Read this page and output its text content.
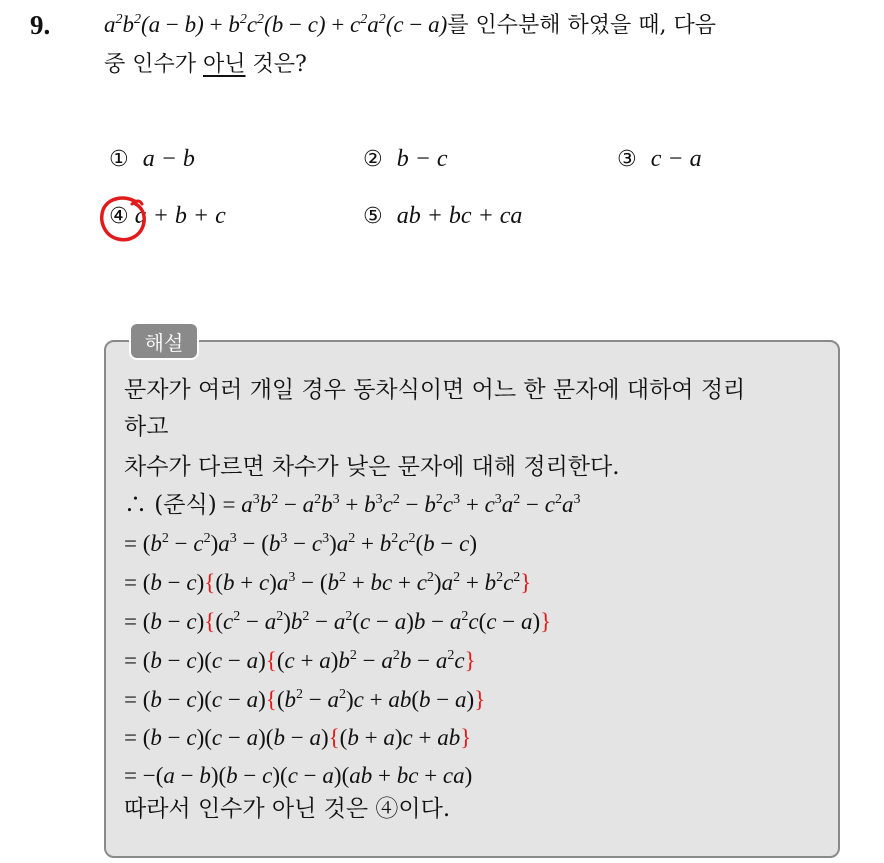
9. $a^2b^2(a - b) + b^2c^2(b - c) + c^2a^2(c - a)$를 인수분해 하였을 때, 다음
중 인수가 아닌 것은?
① a − b	② b − c	③ c − a
④ a + b + c	⑤ ab + bc + ca
해설
문자가 여러 개일 경우 동차식이면 어느 한 문자에 대하여 정리
하고
차수가 다르면 차수가 낮은 문자에 대해 정리한다.
∴ (준식) = $a^3b^2 - a^2b^3 + b^3c^2 - b^2c^3 + c^3a^2 - c^2a^3$
= $(b^2 - c^2)a^3 - (b^3 - c^3)a^2 + b^2c^2(b - c)$
= $(b - c)\{(b + c)a^3 - (b^2$ + bc + $c^2)a^2 + b^2c^2$}
= $(b - c)\{(c^2 - a^2)b^2 - a^2(c - a)b - a^2c(c - a)\}$
= $(b - c)(c - a)\{(c + a)b^2 - a^2b - a^2c\}$
= $(b - c)(c - a)\{(b^2 - a^2)c + ab(b - a)\}$
= (b − c)(c − a)(b − a){(b + a)c + ab}
= −(a − b)(b − c)(c − a)(ab + bc + ca)
따라서 인수가 아닌 것은 ④이다.
